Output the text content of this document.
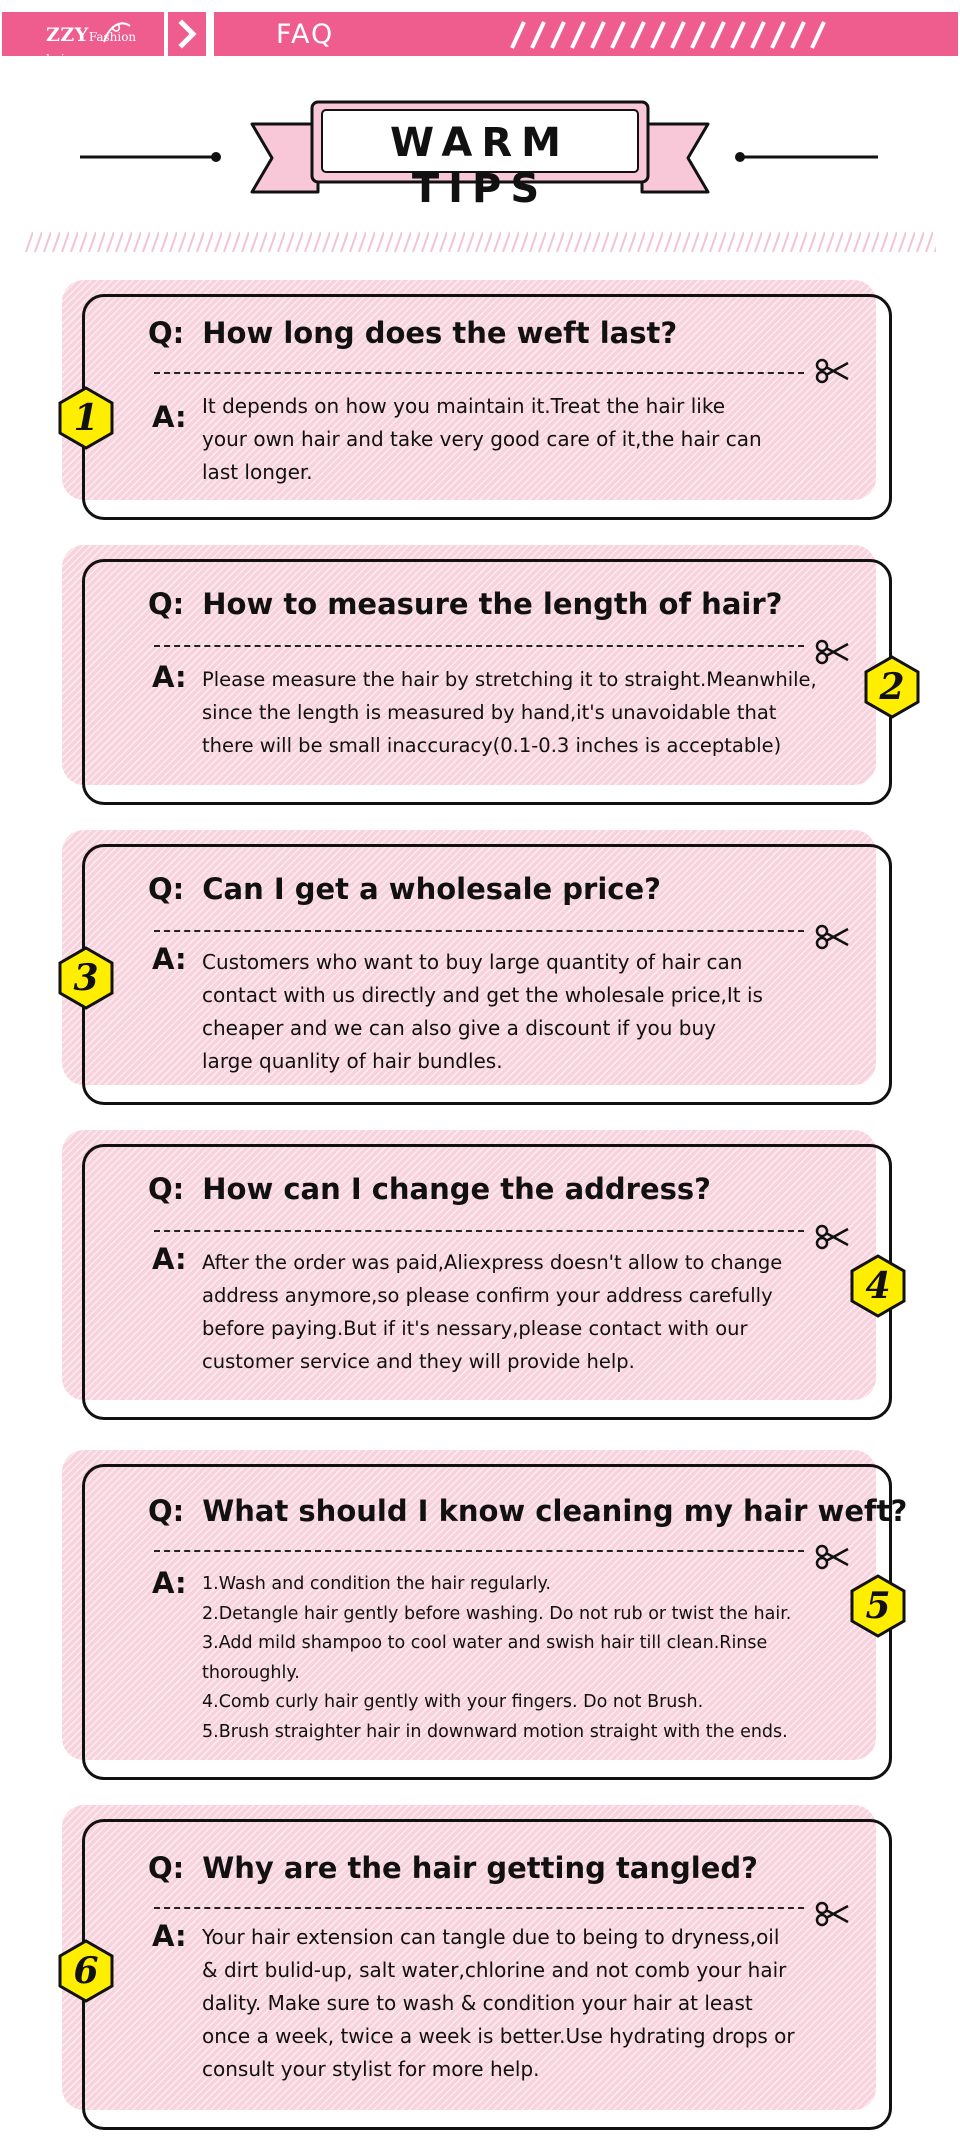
ZZYFashion hair
FAQ
WARM TIPS
Q: How long does the weft last?
A: It depends on how you maintain it.Treat the hair like
your own hair and take very good care of it,the hair can
last longer.
1
Q: How to measure the length of hair?
A: Please measure the hair by stretching it to straight.Meanwhile,
since the length is measured by hand,it's unavoidable that
there will be small inaccuracy(0.1-0.3 inches is acceptable)
2
Q: Can I get a wholesale price?
A: Customers who want to buy large quantity of hair can
contact with us directly and get the wholesale price,It is
cheaper and we can also give a discount if you buy
large quanlity of hair bundles.
3
Q: How can I change the address?
A: After the order was paid,Aliexpress doesn't allow to change
address anymore,so please confirm your address carefully
before paying.But if it's nessary,please contact with our
customer service and they will provide help.
4
Q: What should I know cleaning my hair weft?
A: 1.Wash and condition the hair regularly.
2.Detangle hair gently before washing. Do not rub or twist the hair.
3.Add mild shampoo to cool water and swish hair till clean.Rinse
thoroughly.
4.Comb curly hair gently with your fingers. Do not Brush.
5.Brush straighter hair in downward motion straight with the ends.
5
Q: Why are the hair getting tangled?
A: Your hair extension can tangle due to being to dryness,oil
& dirt bulid-up, salt water,chlorine and not comb your hair
dality. Make sure to wash & condition your hair at least
once a week, twice a week is better.Use hydrating drops or
consult your stylist for more help.
6
